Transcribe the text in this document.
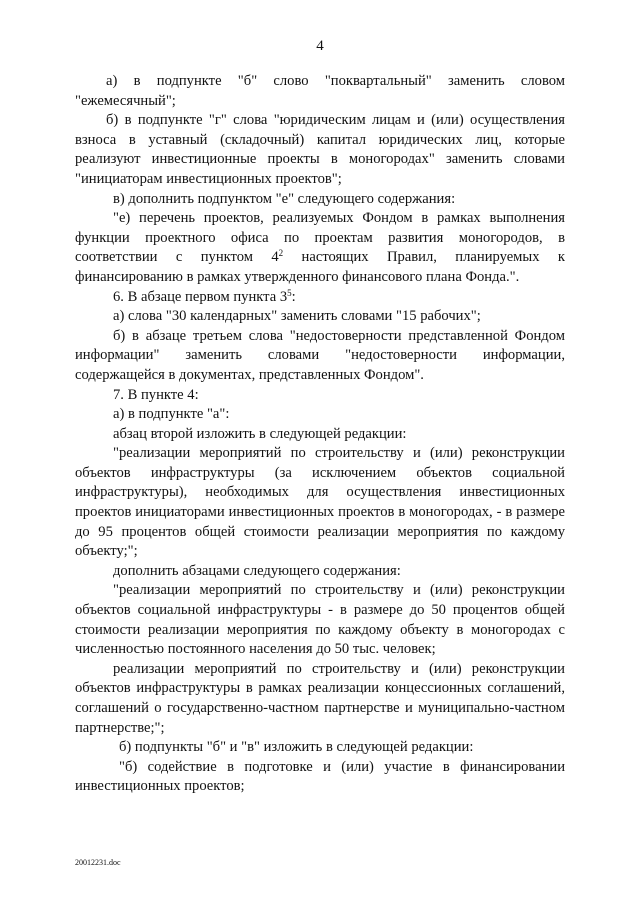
4

а) в подпункте "б" слово "поквартальный" заменить словом "ежемесячный";

б) в подпункте "г" слова "юридическим лицам и (или) осуществления взноса в уставный (складочный) капитал юридических лиц, которые реализуют инвестиционные проекты в моногородах" заменить словами "инициаторам инвестиционных проектов";

в) дополнить подпунктом "е" следующего содержания:

"е) перечень проектов, реализуемых Фондом в рамках выполнения функции проектного офиса по проектам развития моногородов, в соответствии с пунктом $4^2$ настоящих Правил, планируемых к финансированию в рамках утвержденного финансового плана Фонда.".

6. В абзаце первом пункта $3^5$:

а) слова "30 календарных" заменить словами "15 рабочих";

б) в абзаце третьем слова "недостоверности представленной Фондом информации" заменить словами "недостоверности информации, содержащейся в документах, представленных Фондом".

7. В пункте 4:

а) в подпункте "а":

абзац второй изложить в следующей редакции:

"реализации мероприятий по строительству и (или) реконструкции объектов инфраструктуры (за исключением объектов социальной инфраструктуры), необходимых для осуществления инвестиционных проектов инициаторами инвестиционных проектов в моногородах, - в размере до 95 процентов общей стоимости реализации мероприятия по каждому объекту;";

дополнить абзацами следующего содержания:

"реализации мероприятий по строительству и (или) реконструкции объектов социальной инфраструктуры - в размере до 50 процентов общей стоимости реализации мероприятия по каждому объекту в моногородах с численностью постоянного населения до 50 тыс. человек;

реализации мероприятий по строительству и (или) реконструкции объектов инфраструктуры в рамках реализации концессионных соглашений, соглашений о государственно-частном партнерстве и муниципально-частном партнерстве;";

б) подпункты "б" и "в" изложить в следующей редакции:

"б) содействие в подготовке и (или) участие в финансировании инвестиционных проектов;

20012231.doc
